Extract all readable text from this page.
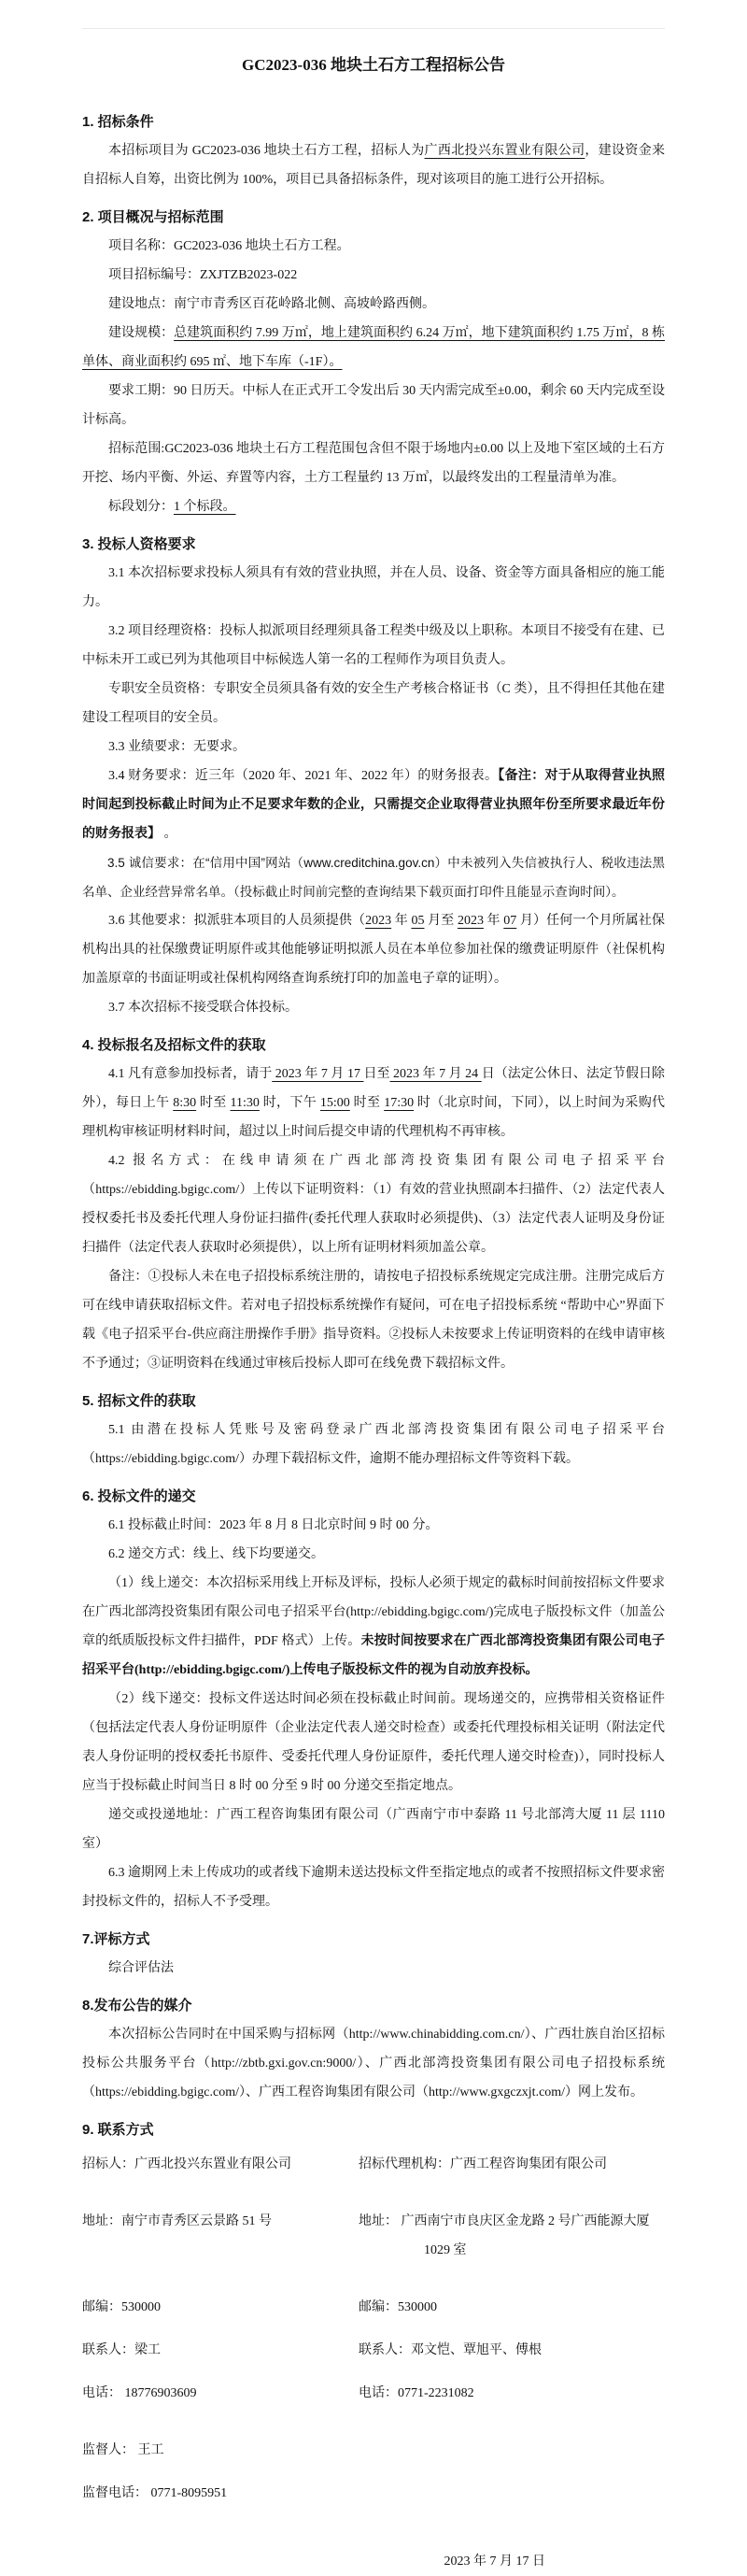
GC2023-036 地块土石方工程招标公告
1. 招标条件
本招标项目为 GC2023-036 地块土石方工程，招标人为广西北投兴东置业有限公司，建设资金来自招标人自筹，出资比例为 100%，项目已具备招标条件，现对该项目的施工进行公开招标。
2. 项目概况与招标范围
项目名称：GC2023-036 地块土石方工程。
项目招标编号：ZXJTZB2023-022
建设地点：南宁市青秀区百花岭路北侧、高坡岭路西侧。
建设规模：总建筑面积约 7.99 万㎡，地上建筑面积约 6.24 万㎡，地下建筑面积约 1.75 万㎡，8 栋单体、商业面积约 695 ㎡、地下车库（-1F）。
要求工期：90 日历天。中标人在正式开工令发出后 30 天内需完成至±0.00，剩余 60 天内完成至设计标高。
招标范围:GC2023-036 地块土石方工程范围包含但不限于场地内±0.00 以上及地下室区域的土石方开挖、场内平衡、外运、弃置等内容，土方工程量约 13 万㎥，以最终发出的工程量清单为准。
标段划分：1 个标段。
3. 投标人资格要求
3.1 本次招标要求投标人须具有有效的营业执照，并在人员、设备、资金等方面具备相应的施工能力。
3.2 项目经理资格：投标人拟派项目经理须具备工程类中级及以上职称。本项目不接受有在建、已中标未开工或已列为其他项目中标候选人第一名的工程师作为项目负责人。
专职安全员资格：专职安全员须具备有效的安全生产考核合格证书（C 类），且不得担任其他在建建设工程项目的安全员。
3.3 业绩要求：无要求。
3.4 财务要求：近三年（2020 年、2021 年、2022 年）的财务报表。【备注：对于从取得营业执照时间起到投标截止时间为止不足要求年数的企业，只需提交企业取得营业执照年份至所要求最近年份的财务报表】 。
3.5 诚信要求：在“信用中国”网站（www.creditchina.gov.cn）中未被列入失信被执行人、税收违法黑名单、企业经营异常名单。（投标截止时间前完整的查询结果下载页面打印件且能显示查询时间）。
3.6 其他要求：拟派驻本项目的人员须提供（2023 年 05 月至 2023 年 07 月）任何一个月所属社保机构出具的社保缴费证明原件或其他能够证明拟派人员在本单位参加社保的缴费证明原件（社保机构加盖原章的书面证明或社保机构网络查询系统打印的加盖电子章的证明）。
3.7 本次招标不接受联合体投标。
4. 投标报名及招标文件的获取
4.1 凡有意参加投标者，请于 2023 年 7 月 17 日至 2023 年 7 月 24 日（法定公休日、法定节假日除外），每日上午 8:30 时至 11:30 时，下午 15:00 时至 17:30 时（北京时间，下同），以上时间为采购代理机构审核证明材料时间，超过以上时间后提交申请的代理机构不再审核。
4.2 报名方式：在线申请须在广西北部湾投资集团有限公司电子招采平台（https://ebidding.bgigc.com/）上传以下证明资料：（1）有效的营业执照副本扫描件、（2）法定代表人授权委托书及委托代理人身份证扫描件(委托代理人获取时必须提供)、（3）法定代表人证明及身份证扫描件（法定代表人获取时必须提供），以上所有证明材料须加盖公章。
备注：①投标人未在电子招投标系统注册的，请按电子招投标系统规定完成注册。注册完成后方可在线申请获取招标文件。若对电子招投标系统操作有疑问，可在电子招投标系统 “帮助中心”界面下载《电子招采平台-供应商注册操作手册》指导资料。②投标人未按要求上传证明资料的在线申请审核不予通过；③证明资料在线通过审核后投标人即可在线免费下载招标文件。
5. 招标文件的获取
5.1 由潜在投标人凭账号及密码登录广西北部湾投资集团有限公司电子招采平台（https://ebidding.bgigc.com/）办理下载招标文件，逾期不能办理招标文件等资料下载。
6. 投标文件的递交
6.1 投标截止时间：2023 年 8 月 8 日北京时间 9 时 00 分。
6.2 递交方式：线上、线下均要递交。
（1）线上递交：本次招标采用线上开标及评标，投标人必须于规定的截标时间前按招标文件要求在广西北部湾投资集团有限公司电子招采平台(http://ebidding.bgigc.com/)完成电子版投标文件（加盖公章的纸质版投标文件扫描件，PDF 格式）上传。未按时间按要求在广西北部湾投资集团有限公司电子招采平台(http://ebidding.bgigc.com/)上传电子版投标文件的视为自动放弃投标。
（2）线下递交：投标文件送达时间必须在投标截止时间前。现场递交的，应携带相关资格证件（包括法定代表人身份证明原件（企业法定代表人递交时检查）或委托代理投标相关证明（附法定代表人身份证明的授权委托书原件、受委托代理人身份证原件，委托代理人递交时检查)），同时投标人应当于投标截止时间当日 8 时 00 分至 9 时 00 分递交至指定地点。
递交或投递地址：广西工程咨询集团有限公司（广西南宁市中泰路 11 号北部湾大厦 11 层 1110 室）
6.3 逾期网上未上传成功的或者线下逾期未送达投标文件至指定地点的或者不按照招标文件要求密封投标文件的，招标人不予受理。
7.评标方式
综合评估法
8.发布公告的媒介
本次招标公告同时在中国采购与招标网（http://www.chinabidding.com.cn/）、广西壮族自治区招标投标公共服务平台（http://zbtb.gxi.gov.cn:9000/）、广西北部湾投资集团有限公司电子招投标系统（https://ebidding.bgigc.com/）、广西工程咨询集团有限公司（http://www.gxgczxjt.com/）网上发布。
9. 联系方式
招标人：广西北投兴东置业有限公司	招标代理机构：广西工程咨询集团有限公司
地址：南宁市青秀区云景路 51 号	地址： 广西南宁市良庆区金龙路 2 号广西能源大厦 1029 室
邮编：530000	邮编：530000
联系人：梁工	联系人：邓文恺、覃旭平、傅根
电话： 18776903609	电话：0771-2231082
监督人： 王工
监督电话： 0771-8095951
2023 年 7 月 17 日
